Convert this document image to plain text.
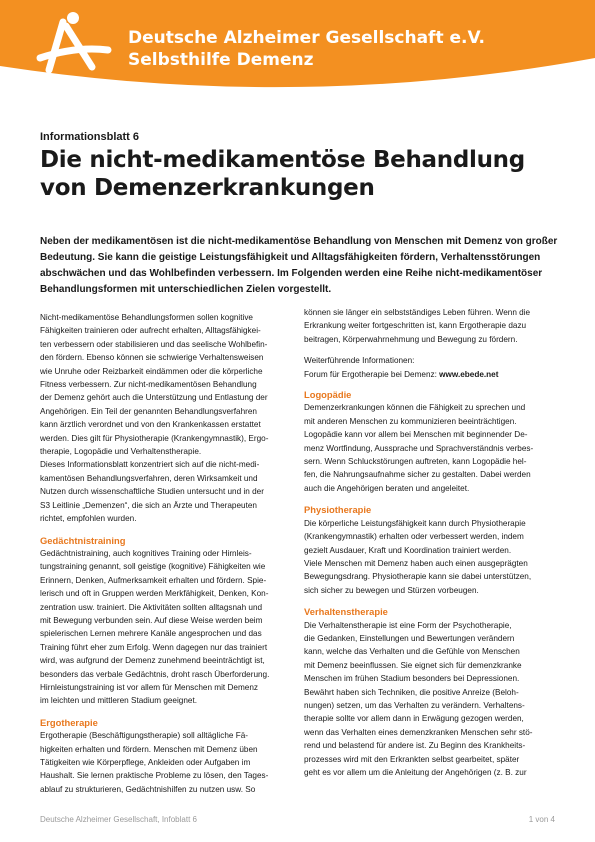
Deutsche Alzheimer Gesellschaft e.V.
Selbsthilfe Demenz

Informationsblatt 6

Die nicht-medikamentöse Behandlung
von Demenzerkrankungen

Neben der medikamentösen ist die nicht-medikamentöse Behandlung von Menschen mit Demenz von großer Bedeutung. Sie kann die geistige Leistungsfähigkeit und Alltagsfähigkeiten fördern, Verhaltensstörungen abschwächen und das Wohlbefinden verbessern. Im Folgenden werden eine Reihe nicht-medikamentöser Behandlungsformen mit unterschiedlichen Zielen vorgestellt.

Nicht-medikamentöse Behandlungsformen sollen kognitive
Fähigkeiten trainieren oder aufrecht erhalten, Alltagsfähigkei-
ten verbessern oder stabilisieren und das seelische Wohlbefin-
den fördern. Ebenso können sie schwierige Verhaltensweisen
wie Unruhe oder Reizbarkeit eindämmen oder die körperliche
Fitness verbessern. Zur nicht-medikamentösen Behandlung
der Demenz gehört auch die Unterstützung und Entlastung der
Angehörigen. Ein Teil der genannten Behandlungsverfahren
kann ärztlich verordnet und von den Krankenkassen erstattet
werden. Dies gilt für Physiotherapie (Krankengymnastik), Ergo-
therapie, Logopädie und Verhaltenstherapie.
Dieses Informationsblatt konzentriert sich auf die nicht-medi-
kamentösen Behandlungsverfahren, deren Wirksamkeit und
Nutzen durch wissenschaftliche Studien untersucht und in der
S3 Leitlinie „Demenzen“, die sich an Ärzte und Therapeuten
richtet, empfohlen wurden.

Gedächtnistraining

Gedächtnistraining, auch kognitives Training oder Hirnleis-
tungstraining genannt, soll geistige (kognitive) Fähigkeiten wie
Erinnern, Denken, Aufmerksamkeit erhalten und fördern. Spie-
lerisch und oft in Gruppen werden Merkfähigkeit, Denken, Kon-
zentration usw. trainiert. Die Aktivitäten sollten alltagsnah und
mit Bewegung verbunden sein. Auf diese Weise werden beim
spielerischen Lernen mehrere Kanäle angesprochen und das
Training führt eher zum Erfolg. Wenn dagegen nur das trainiert
wird, was aufgrund der Demenz zunehmend beeinträchtigt ist,
besonders das verbale Gedächtnis, droht rasch Überforderung.
Hirnleistungstraining ist vor allem für Menschen mit Demenz
im leichten und mittleren Stadium geeignet.

Ergotherapie

Ergotherapie (Beschäftigungstherapie) soll alltägliche Fä-
higkeiten erhalten und fördern. Menschen mit Demenz üben
Tätigkeiten wie Körperpflege, Ankleiden oder Aufgaben im
Haushalt. Sie lernen praktische Probleme zu lösen, den Tages-
ablauf zu strukturieren, Gedächtnishilfen zu nutzen usw. So

können sie länger ein selbstständiges Leben führen. Wenn die
Erkrankung weiter fortgeschritten ist, kann Ergotherapie dazu
beitragen, Körperwahrnehmung und Bewegung zu fördern.

Weiterführende Informationen:
Forum für Ergotherapie bei Demenz: www.ebede.net

Logopädie

Demenzerkrankungen können die Fähigkeit zu sprechen und
mit anderen Menschen zu kommunizieren beeinträchtigen.
Logopädie kann vor allem bei Menschen mit beginnender De-
menz Wortfindung, Aussprache und Sprachverständnis verbes-
sern. Wenn Schluckstörungen auftreten, kann Logopädie hel-
fen, die Nahrungsaufnahme sicher zu gestalten. Dabei werden
auch die Angehörigen beraten und angeleitet.

Physiotherapie

Die körperliche Leistungsfähigkeit kann durch Physiotherapie
(Krankengymnastik) erhalten oder verbessert werden, indem
gezielt Ausdauer, Kraft und Koordination trainiert werden.
Viele Menschen mit Demenz haben auch einen ausgeprägten
Bewegungsdrang. Physiotherapie kann sie dabei unterstützen,
sich sicher zu bewegen und Stürzen vorbeugen.

Verhaltenstherapie

Die Verhaltenstherapie ist eine Form der Psychotherapie,
die Gedanken, Einstellungen und Bewertungen verändern
kann, welche das Verhalten und die Gefühle von Menschen
mit Demenz beeinflussen. Sie eignet sich für demenzkranke
Menschen im frühen Stadium besonders bei Depressionen.
Bewährt haben sich Techniken, die positive Anreize (Beloh-
nungen) setzen, um das Verhalten zu verändern. Verhaltens-
therapie sollte vor allem dann in Erwägung gezogen werden,
wenn das Verhalten eines demenzkranken Menschen sehr stö-
rend und belastend für andere ist. Zu Beginn des Krankheits-
prozesses wird mit den Erkrankten selbst gearbeitet, später
geht es vor allem um die Anleitung der Angehörigen (z. B. zur

Deutsche Alzheimer Gesellschaft, Infoblatt 6	1 von 4
